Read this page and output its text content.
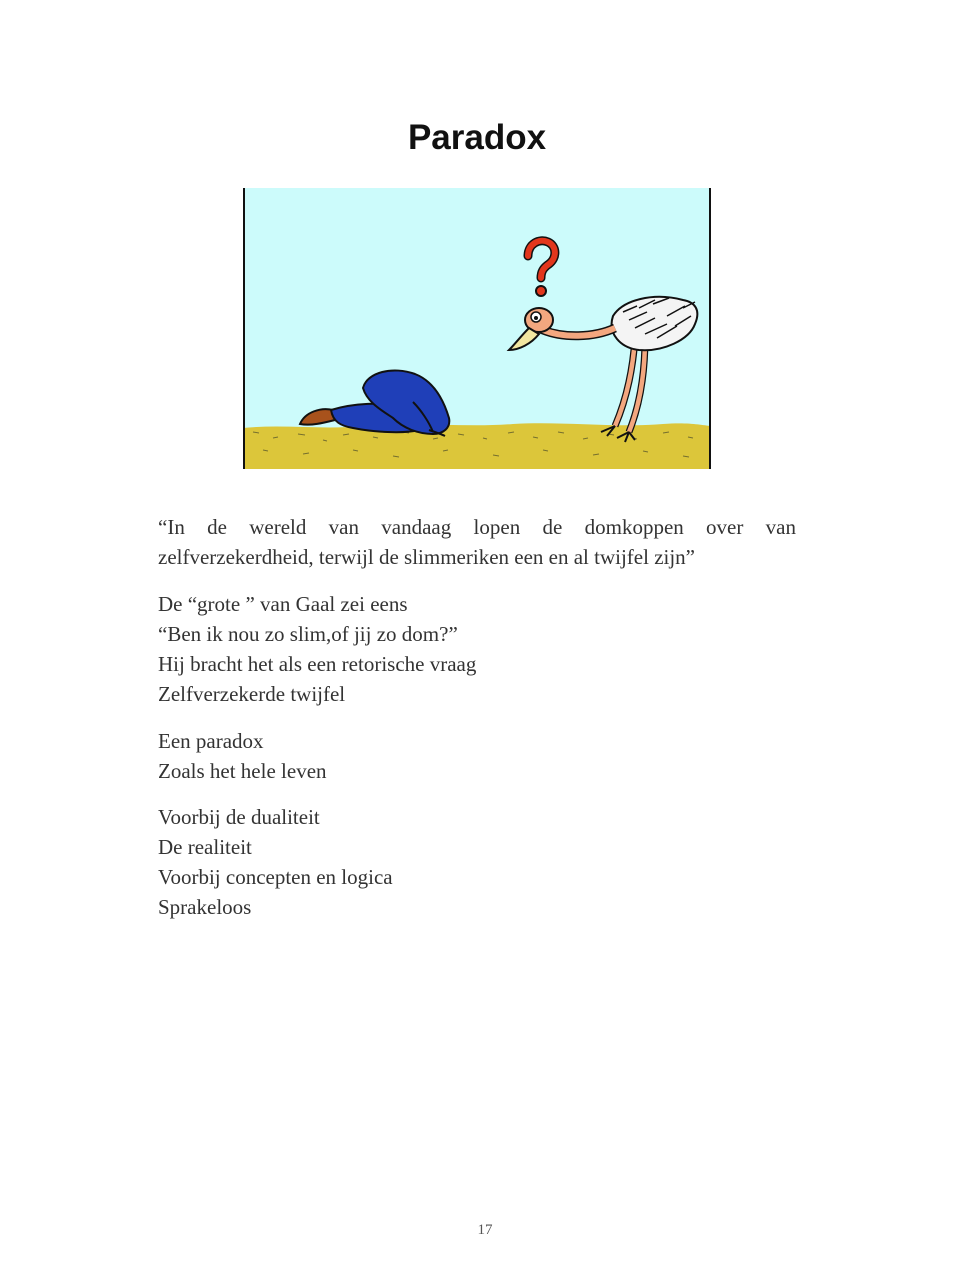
Paradox
“In de wereld van vandaag lopen de domkoppen over van
zelfverzekerdheid, terwijl de slimmeriken een en al twijfel zijn”
De “grote ” van Gaal zei eens
“Ben ik nou zo slim,of jij zo dom?”
Hij bracht het als een retorische vraag
Zelfverzekerde twijfel
Een paradox
Zoals het hele leven
Voorbij de dualiteit
De realiteit
Voorbij concepten en logica
Sprakeloos
17
